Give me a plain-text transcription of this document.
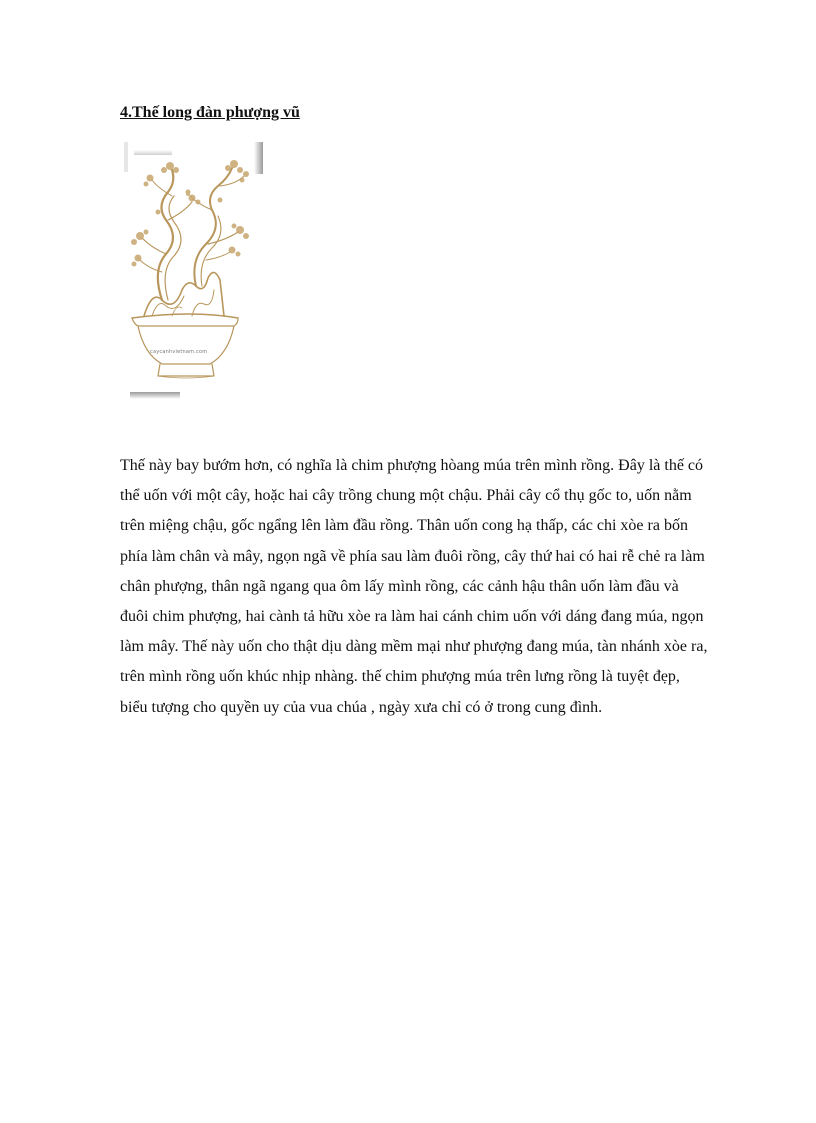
4.Thế long đàn phượng vũ
caycanhvietnam.com

Thế này bay bướm hơn, có nghĩa là chim phượng hòang múa trên mình rồng. Đây là thế có thể uốn với một cây, hoặc hai cây trồng chung một chậu. Phải cây cổ thụ gốc to, uốn nằm trên miệng chậu, gốc ngẩng lên làm đầu rồng. Thân uốn cong hạ thấp, các chi xòe ra bốn phía làm chân và mây, ngọn ngã về phía sau làm đuôi rồng, cây thứ hai có hai rễ chẻ ra làm chân phượng, thân ngã ngang qua ôm lấy mình rồng, các cảnh hậu thân uốn làm đầu và đuôi chim phượng, hai cành tả hữu xòe ra làm hai cánh chim uốn với dáng đang múa, ngọn làm mây. Thế này uốn cho thật dịu dàng mềm mại như phượng đang múa, tàn nhánh xòe ra, trên mình rồng uốn khúc nhịp nhàng. thế chim phượng múa trên lưng rồng là tuyệt đẹp, biểu tượng cho quyền uy của vua chúa , ngày xưa chỉ có ở trong cung đình.
